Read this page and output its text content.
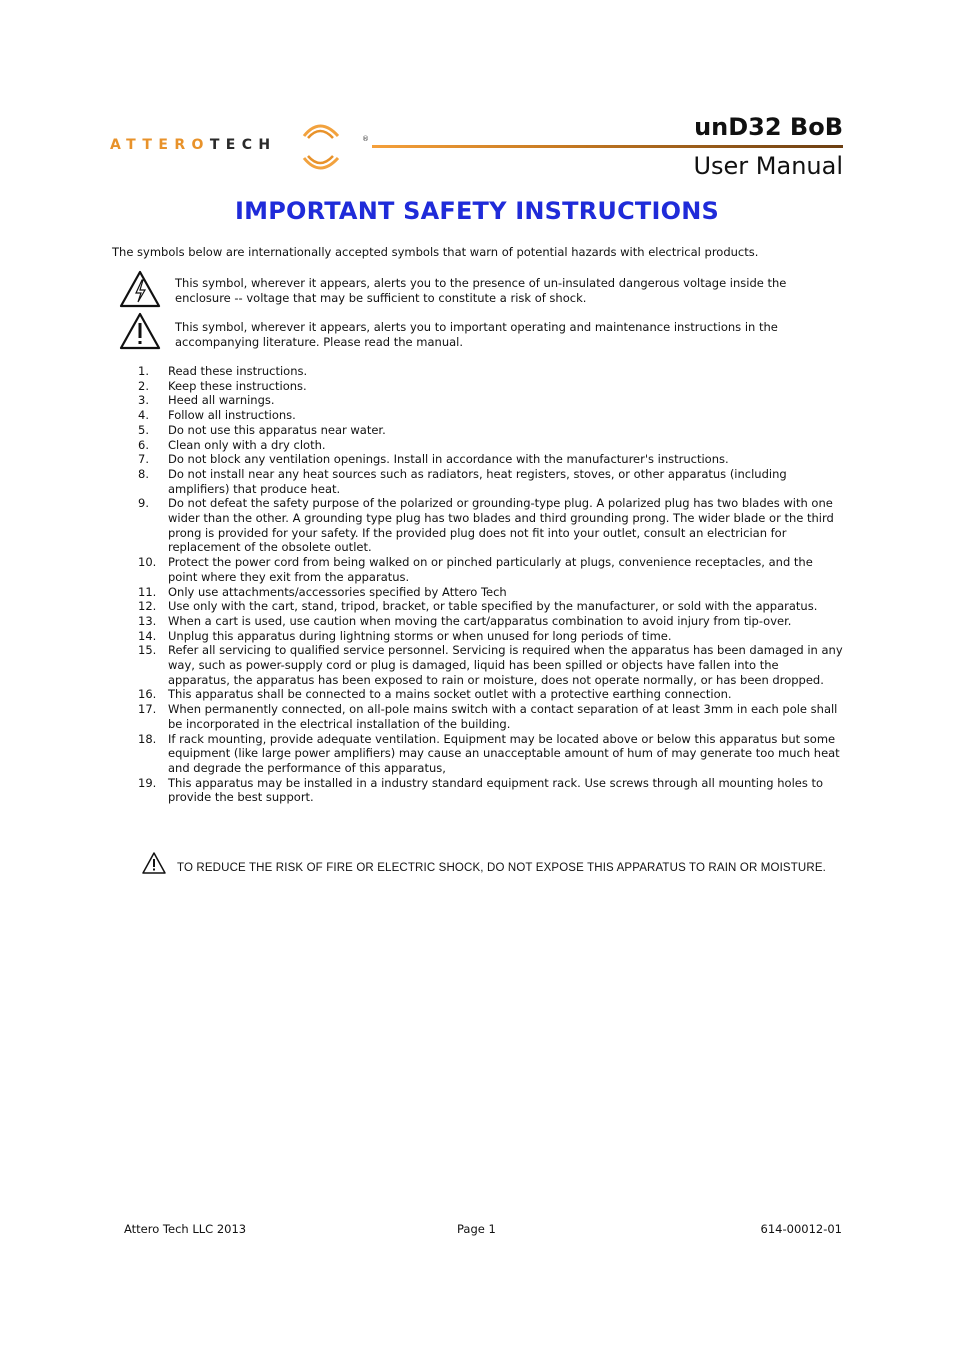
ATTEROTECH	®	unD32 BoB
User Manual
IMPORTANT SAFETY INSTRUCTIONS
The symbols below are internationally accepted symbols that warn of potential hazards with electrical products.
This symbol, wherever it appears, alerts you to the presence of un-insulated dangerous voltage inside the enclosure -- voltage that may be sufficient to constitute a risk of shock.
This symbol, wherever it appears, alerts you to important operating and maintenance instructions in the accompanying literature. Please read the manual.
1.	Read these instructions.
2.	Keep these instructions.
3.	Heed all warnings.
4.	Follow all instructions.
5.	Do not use this apparatus near water.
6.	Clean only with a dry cloth.
7.	Do not block any ventilation openings. Install in accordance with the manufacturer's instructions.
8.	Do not install near any heat sources such as radiators, heat registers, stoves, or other apparatus (including amplifiers) that produce heat.
9.	Do not defeat the safety purpose of the polarized or grounding-type plug. A polarized plug has two blades with one wider than the other. A grounding type plug has two blades and third grounding prong. The wider blade or the third prong is provided for your safety. If the provided plug does not fit into your outlet, consult an electrician for replacement of the obsolete outlet.
10.	Protect the power cord from being walked on or pinched particularly at plugs, convenience receptacles, and the point where they exit from the apparatus.
11.	Only use attachments/accessories specified by Attero Tech
12.	Use only with the cart, stand, tripod, bracket, or table specified by the manufacturer, or sold with the apparatus.
13.	When a cart is used, use caution when moving the cart/apparatus combination to avoid injury from tip-over.
14.	Unplug this apparatus during lightning storms or when unused for long periods of time.
15.	Refer all servicing to qualified service personnel. Servicing is required when the apparatus has been damaged in any way, such as power-supply cord or plug is damaged, liquid has been spilled or objects have fallen into the apparatus, the apparatus has been exposed to rain or moisture, does not operate normally, or has been dropped.
16.	This apparatus shall be connected to a mains socket outlet with a protective earthing connection.
17.	When permanently connected, on all-pole mains switch with a contact separation of at least 3mm in each pole shall be incorporated in the electrical installation of the building.
18.	If rack mounting, provide adequate ventilation. Equipment may be located above or below this apparatus but some equipment (like large power amplifiers) may cause an unacceptable amount of hum of may generate too much heat and degrade the performance of this apparatus,
19.	This apparatus may be installed in a industry standard equipment rack. Use screws through all mounting holes to provide the best support.
TO REDUCE THE RISK OF FIRE OR ELECTRIC SHOCK, DO NOT EXPOSE THIS APPARATUS TO RAIN OR MOISTURE.
Attero Tech LLC 2013	Page 1	614-00012-01
